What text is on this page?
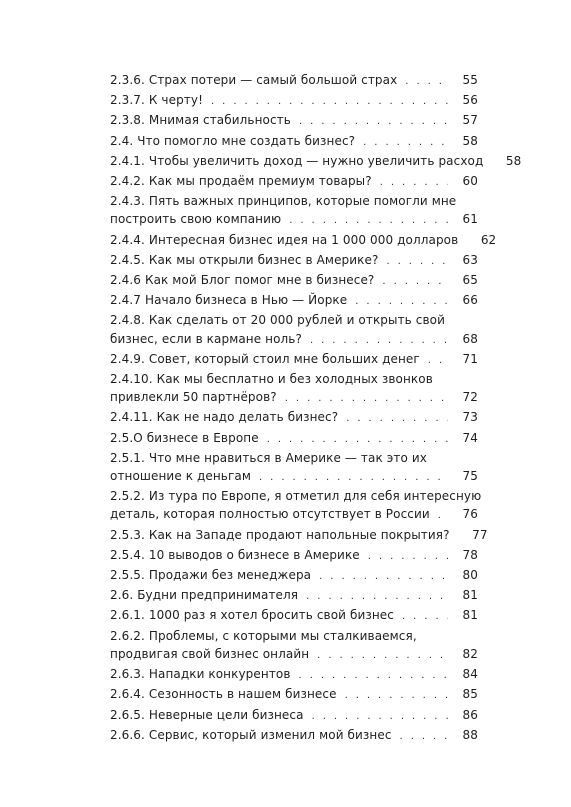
2.3.6. Страх потери — самый большой страх . . .	55
2.3.7. К черту! . . .	56
2.3.8. Мнимая стабильность . . .	57
2.4. Что помогло мне создать бизнес? . . .	58
2.4.1. Чтобы увеличить доход — нужно увеличить расход	58
2.4.2. Как мы продаём премиум товары? . . .	60
2.4.3. Пять важных принципов, которые помогли мне
построить свою компанию . . .	61
2.4.4. Интересная бизнес идея на 1 000 000 долларов	62
2.4.5. Как мы открыли бизнес в Америке? . . .	63
2.4.6 Как мой Блог помог мне в бизнесе? . . .	65
2.4.7 Начало бизнеса в Нью — Йорке . . .	66
2.4.8. Как сделать от 20 000 рублей и открыть свой
бизнес, если в кармане ноль? . . .	68
2.4.9. Совет, который стоил мне больших денег . . .	71
2.4.10. Как мы бесплатно и без холодных звонков
привлекли 50 партнёров? . . .	72
2.4.11. Как не надо делать бизнес? . . .	73
2.5.О бизнесе в Европе . . .	74
2.5.1. Что мне нравиться в Америке — так это их
отношение к деньгам . . .	75
2.5.2. Из тура по Европе, я отметил для себя интересную
деталь, которая полностью отсутствует в России . . .	76
2.5.3. Как на Западе продают напольные покрытия?	77
2.5.4. 10 выводов о бизнесе в Америке . . .	78
2.5.5. Продажи без менеджера . . .	80
2.6. Будни предпринимателя . . .	81
2.6.1. 1000 раз я хотел бросить свой бизнес . . .	81
2.6.2. Проблемы, с которыми мы сталкиваемся,
продвигая свой бизнес онлайн . . .	82
2.6.3. Нападки конкурентов . . .	84
2.6.4. Сезонность в нашем бизнесе . . .	85
2.6.5. Неверные цели бизнеса . . .	86
2.6.6. Сервис, который изменил мой бизнес . . .	88
